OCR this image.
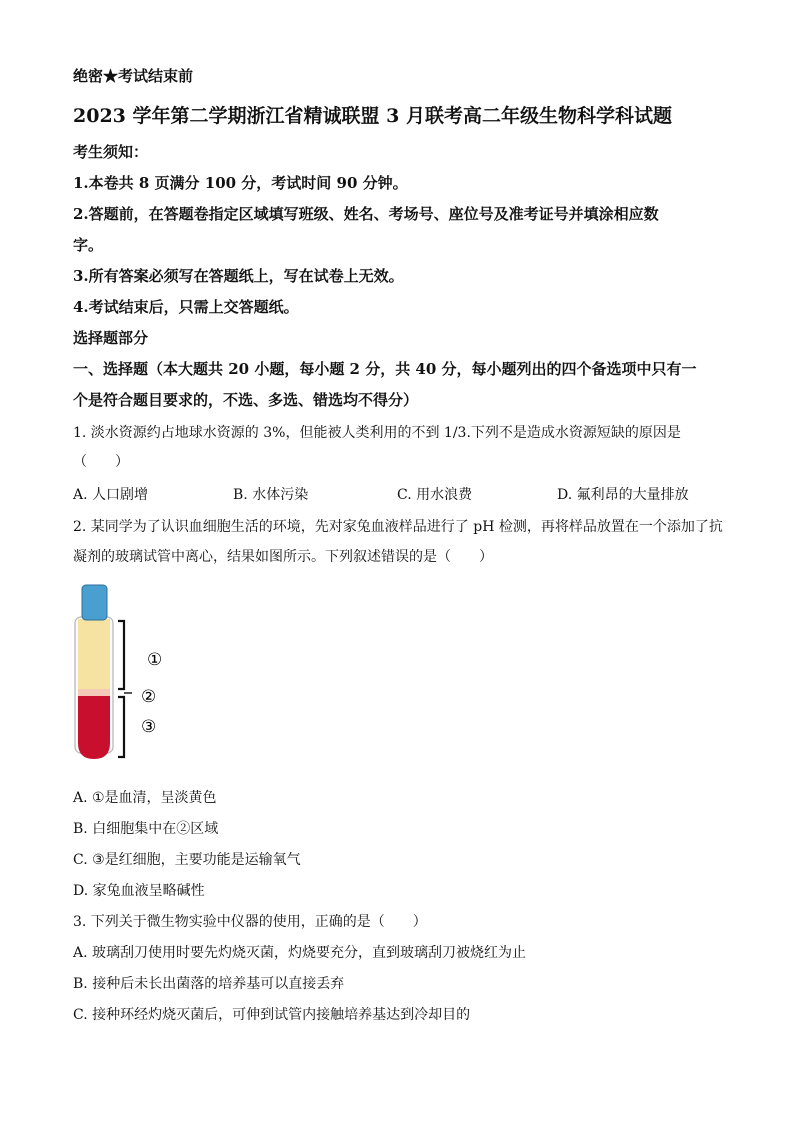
绝密★考试结束前
2023 学年第二学期浙江省精诚联盟 3 月联考高二年级生物科学科试题
考生须知：
1.本卷共 8 页满分 100 分，考试时间 90 分钟。
2.答题前，在答题卷指定区域填写班级、姓名、考场号、座位号及准考证号并填涂相应数
字。
3.所有答案必须写在答题纸上，写在试卷上无效。
4.考试结束后，只需上交答题纸。
选择题部分
一、选择题（本大题共 20 小题，每小题 2 分，共 40 分，每小题列出的四个备选项中只有一
个是符合题目要求的，不选、多选、错选均不得分）
1. 淡水资源约占地球水资源的 3%，但能被人类利用的不到 1/3.下列不是造成水资源短缺的原因是
（　　）
A. 人口剧增	B. 水体污染	C. 用水浪费	D. 氟利昂的大量排放
2. 某同学为了认识血细胞生活的环境，先对家兔血液样品进行了 pH 检测，再将样品放置在一个添加了抗
凝剂的玻璃试管中离心，结果如图所示。下列叙述错误的是（　　）
①
②
③
A. ①是血清，呈淡黄色
B. 白细胞集中在②区域
C. ③是红细胞，主要功能是运输氧气
D. 家兔血液呈略碱性
3. 下列关于微生物实验中仪器的使用，正确的是（　　）
A. 玻璃刮刀使用时要先灼烧灭菌，灼烧要充分，直到玻璃刮刀被烧红为止
B. 接种后未长出菌落的培养基可以直接丢弃
C. 接种环经灼烧灭菌后，可伸到试管内接触培养基达到冷却目的
